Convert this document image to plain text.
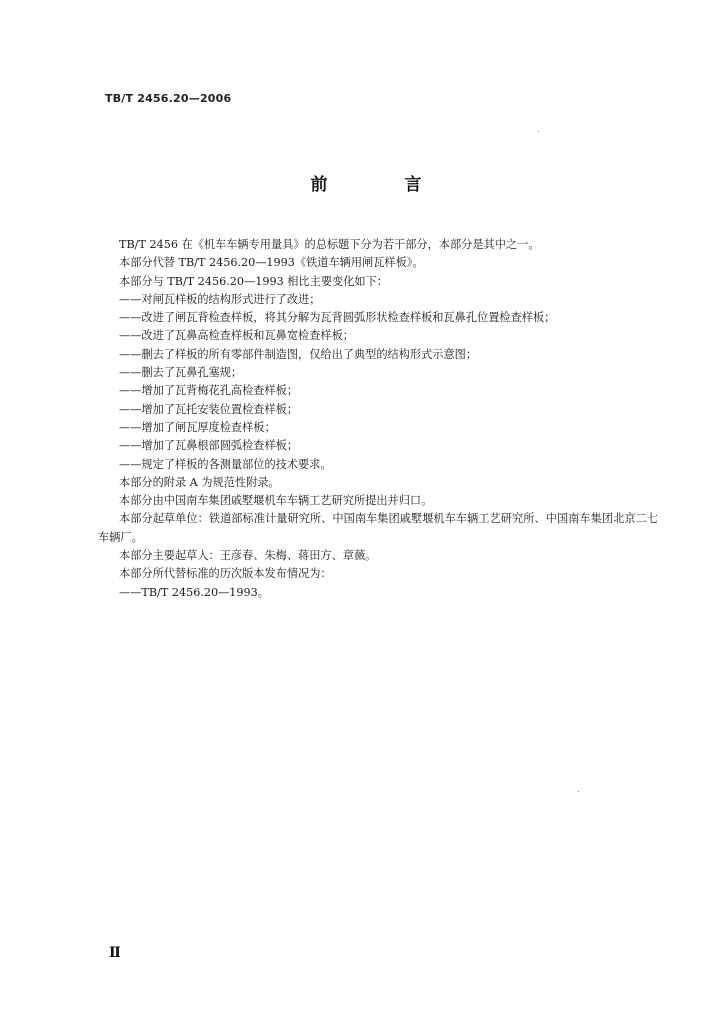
TB/T 2456.20—2006
前　言

TB/T 2456 在《机车车辆专用量具》的总标题下分为若干部分，本部分是其中之一。

本部分代替 TB/T 2456.20—1993《铁道车辆用闸瓦样板》。

本部分与 TB/T 2456.20—1993 相比主要变化如下：

——对闸瓦样板的结构形式进行了改进；

——改进了闸瓦背检查样板，将其分解为瓦背圆弧形状检查样板和瓦鼻孔位置检查样板；

——改进了瓦鼻高检查样板和瓦鼻宽检查样板；

——删去了样板的所有零部件制造图，仅给出了典型的结构形式示意图；

——删去了瓦鼻孔塞规；

——增加了瓦背梅花孔高检查样板；

——增加了瓦托安装位置检查样板；

——增加了闸瓦厚度检查样板；

——增加了瓦鼻根部圆弧检查样板；

——规定了样板的各测量部位的技术要求。

本部分的附录 A 为规范性附录。

本部分由中国南车集团戚墅堰机车车辆工艺研究所提出并归口。

本部分起草单位：铁道部标准计量研究所、中国南车集团戚墅堰机车车辆工艺研究所、中国南车集团北京二七车辆厂。

本部分主要起草人：王彦春、朱梅、蒋田方、章薇。

本部分所代替标准的历次版本发布情况为：

——TB/T 2456.20—1993。

Ⅱ
